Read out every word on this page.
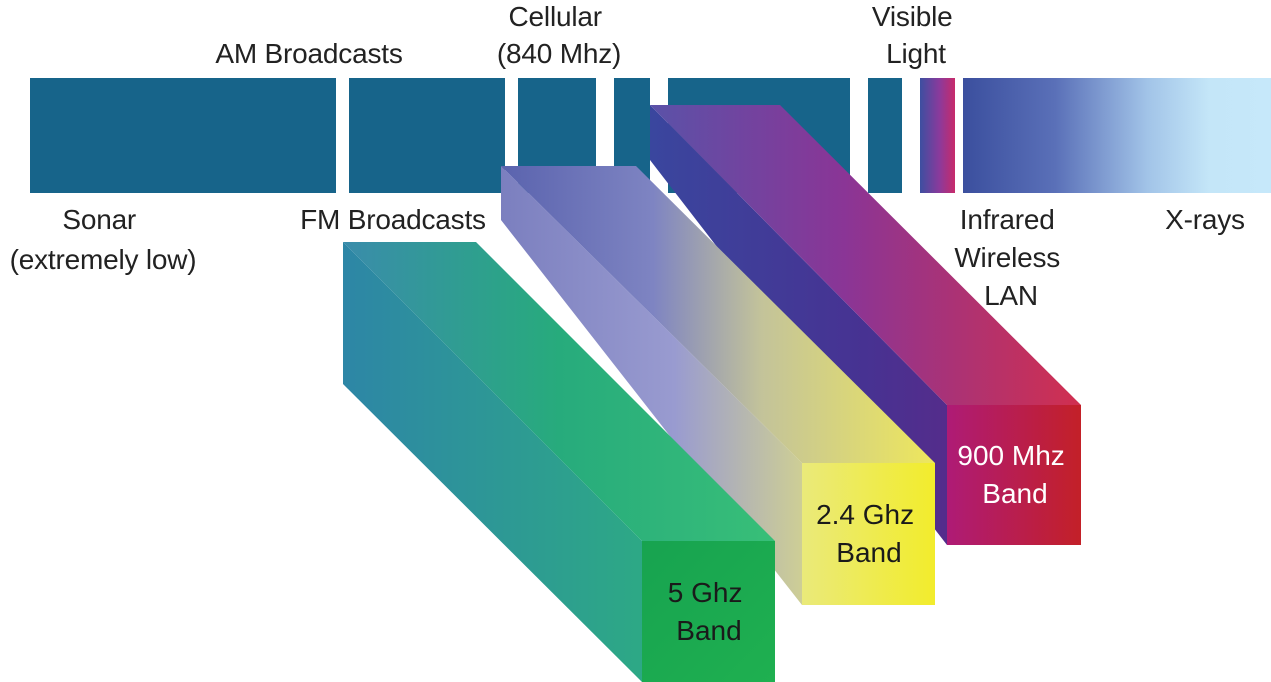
900 Mhz Band
2.4 Ghz Band
5 Ghz Band
Sonar (extremely low)
AM Broadcasts
FM Broadcasts
Cellular (840 Mhz)
Visible Light
Infrared Wireless LAN
X-rays
